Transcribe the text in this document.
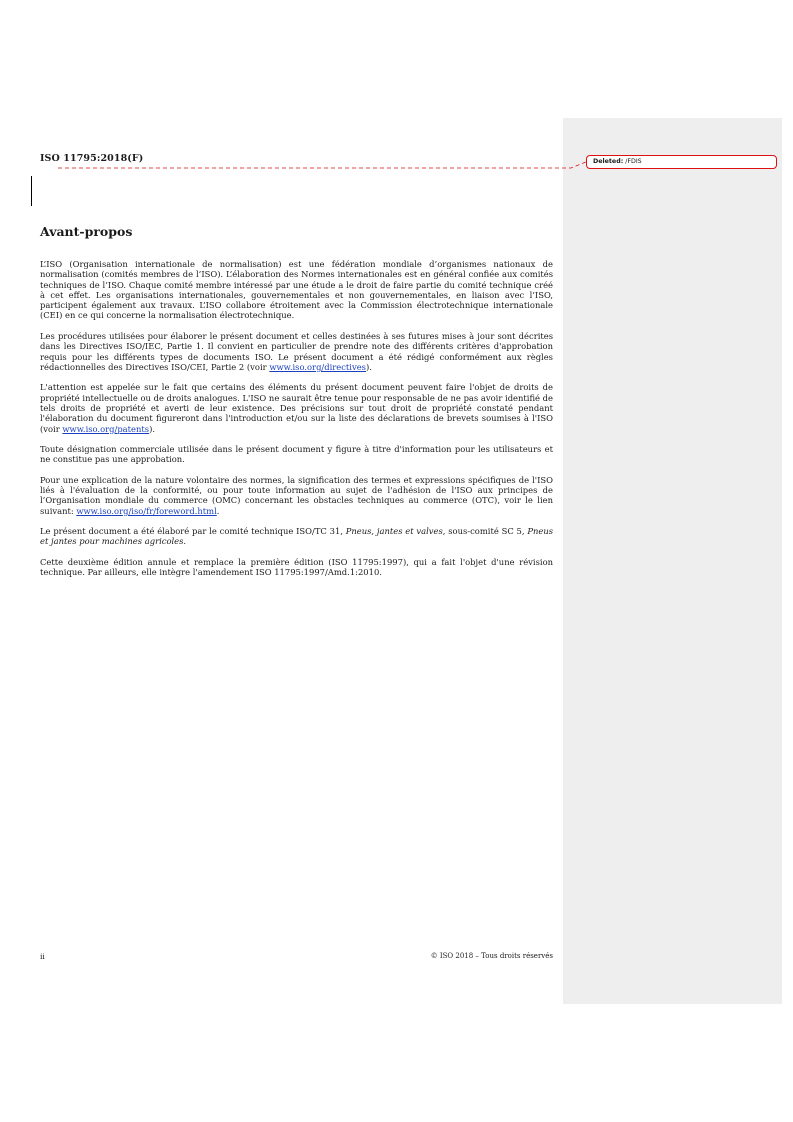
ISO 11795:2018(F)	Deleted: /FDIS
Avant-propos

L’ISO (Organisation internationale de normalisation) est une fédération mondiale d’organismes nationaux de normalisation (comités membres de l’ISO). L’élaboration des Normes internationales est en général confiée aux comités techniques de l’ISO. Chaque comité membre intéressé par une étude a le droit de faire partie du comité technique créé à cet effet. Les organisations internationales, gouvernementales et non gouvernementales, en liaison avec l’ISO, participent également aux travaux. L’ISO collabore étroitement avec la Commission électrotechnique internationale (CEI) en ce qui concerne la normalisation électrotechnique.

Les procédures utilisées pour élaborer le présent document et celles destinées à ses futures mises à jour sont décrites dans les Directives ISO/IEC, Partie 1. Il convient en particulier de prendre note des différents critères d'approbation requis pour les différents types de documents ISO. Le présent document a été rédigé conformément aux règles rédactionnelles des Directives ISO/CEI, Partie 2 (voir www.iso.org/directives).

L'attention est appelée sur le fait que certains des éléments du présent document peuvent faire l'objet de droits de propriété intellectuelle ou de droits analogues. L'ISO ne saurait être tenue pour responsable de ne pas avoir identifié de tels droits de propriété et averti de leur existence. Des précisions sur tout droit de propriété constaté pendant l'élaboration du document figureront dans l'introduction et/ou sur la liste des déclarations de brevets soumises à l'ISO (voir www.iso.org/patents).

Toute désignation commerciale utilisée dans le présent document y figure à titre d'information pour les utilisateurs et ne constitue pas une approbation.

Pour une explication de la nature volontaire des normes, la signification des termes et expressions spécifiques de l'ISO liés à l'évaluation de la conformité, ou pour toute information au sujet de l'adhésion de l'ISO aux principes de l’Organisation mondiale du commerce (OMC) concernant les obstacles techniques au commerce (OTC), voir le lien suivant: www.iso.org/iso/fr/foreword.html.

Le présent document a été élaboré par le comité technique ISO/TC 31, Pneus, jantes et valves, sous-comité SC 5, Pneus et jantes pour machines agricoles.

Cette deuxième édition annule et remplace la première édition (ISO 11795:1997), qui a fait l'objet d'une révision technique. Par ailleurs, elle intègre l'amendement ISO 11795:1997/Amd.1:2010.

ii	© ISO 2018 – Tous droits réservés
